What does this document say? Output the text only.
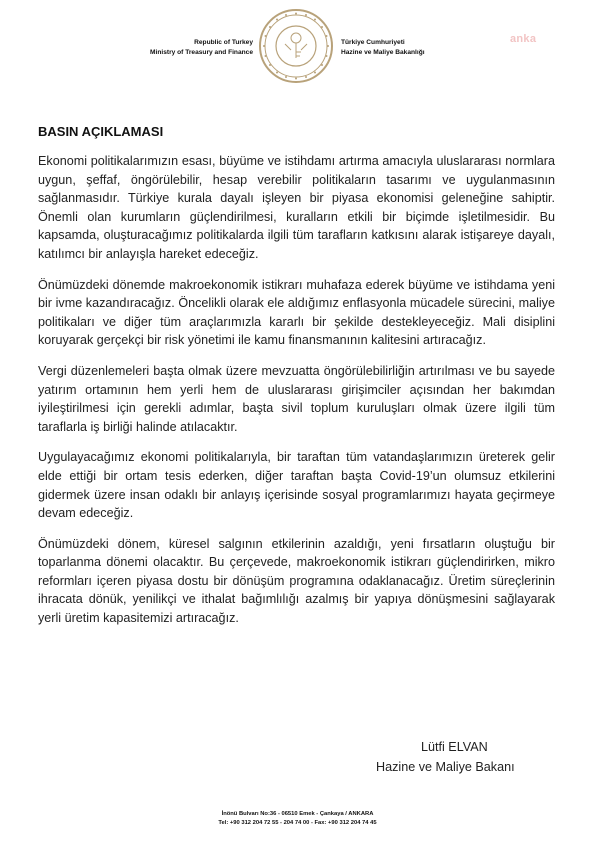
Republic of Turkey
Ministry of Treasury and Finance
Türkiye Cumhuriyeti
Hazine ve Maliye Bakanlığı
anka
BASIN AÇIKLAMASI

Ekonomi politikalarımızın esası, büyüme ve istihdamı artırma amacıyla uluslararası normlara uygun, şeffaf, öngörülebilir, hesap verebilir politikaların tasarımı ve uygulanmasının sağlanmasıdır. Türkiye kurala dayalı işleyen bir piyasa ekonomisi geleneğine sahiptir. Önemli olan kurumların güçlendirilmesi, kuralların etkili bir biçimde işletilmesidir. Bu kapsamda, oluşturacağımız politikalarda ilgili tüm tarafların katkısını alarak istişareye dayalı, katılımcı bir anlayışla hareket edeceğiz.

Önümüzdeki dönemde makroekonomik istikrarı muhafaza ederek büyüme ve istihdama yeni bir ivme kazandıracağız. Öncelikli olarak ele aldığımız enflasyonla mücadele sürecini, maliye politikaları ve diğer tüm araçlarımızla kararlı bir şekilde destekleyeceğiz. Mali disiplini koruyarak gerçekçi bir risk yönetimi ile kamu finansmanının kalitesini artıracağız.

Vergi düzenlemeleri başta olmak üzere mevzuatta öngörülebilirliğin artırılması ve bu sayede yatırım ortamının hem yerli hem de uluslararası girişimciler açısından her bakımdan iyileştirilmesi için gerekli adımlar, başta sivil toplum kuruluşları olmak üzere ilgili tüm taraflarla iş birliği halinde atılacaktır.

Uygulayacağımız ekonomi politikalarıyla, bir taraftan tüm vatandaşlarımızın üreterek gelir elde ettiği bir ortam tesis ederken, diğer taraftan başta Covid-19’un olumsuz etkilerini gidermek üzere insan odaklı bir anlayış içerisinde sosyal programlarımızı hayata geçirmeye devam edeceğiz.

Önümüzdeki dönem, küresel salgının etkilerinin azaldığı, yeni fırsatların oluştuğu bir toparlanma dönemi olacaktır. Bu çerçevede, makroekonomik istikrarı güçlendirirken, mikro reformları içeren piyasa dostu bir dönüşüm programına odaklanacağız. Üretim süreçlerinin ihracata dönük, yenilikçi ve ithalat bağımlılığı azalmış bir yapıya dönüşmesini sağlayarak yerli üretim kapasitemizi artıracağız.

Lütfi ELVAN
Hazine ve Maliye Bakanı
İnönü Bulvarı No:36 - 06510 Emek - Çankaya / ANKARA
Tel: +90 312 204 72 55 - 204 74 00 - Fax: +90 312 204 74 45
